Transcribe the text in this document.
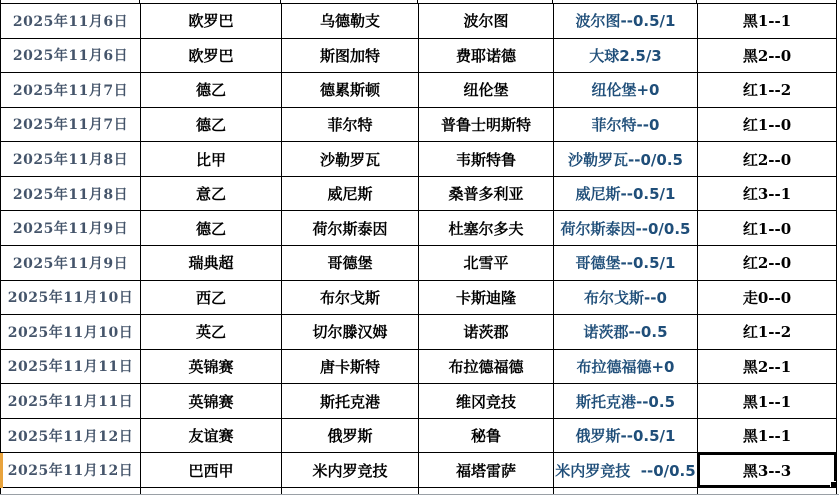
2025年11月6日	欧罗巴	乌德勒支	波尔图	波尔图--0.5/1	黑1--1
2025年11月6日	欧罗巴	斯图加特	费耶诺德	大球2.5/3	黑2--0
2025年11月7日	德乙	德累斯顿	纽伦堡	纽伦堡+0	红1--2
2025年11月7日	德乙	菲尔特	普鲁士明斯特	菲尔特--0	红1--0
2025年11月8日	比甲	沙勒罗瓦	韦斯特鲁	沙勒罗瓦--0/0.5	红2--0
2025年11月8日	意乙	威尼斯	桑普多利亚	威尼斯--0.5/1	红3--1
2025年11月9日	德乙	荷尔斯泰因	杜塞尔多夫	荷尔斯泰因--0/0.5	红1--0
2025年11月9日	瑞典超	哥德堡	北雪平	哥德堡--0.5/1	红2--0
2025年11月10日	西乙	布尔戈斯	卡斯迪隆	布尔戈斯--0	走0--0
2025年11月10日	英乙	切尔滕汉姆	诺茨郡	诺茨郡--0.5	红1--2
2025年11月11日	英锦赛	唐卡斯特	布拉德福德	布拉德福德+0	黑2--1
2025年11月11日	英锦赛	斯托克港	维冈竞技	斯托克港--0.5	黑1--1
2025年11月12日	友谊赛	俄罗斯	秘鲁	俄罗斯--0.5/1	黑1--1
2025年11月12日	巴西甲	米内罗竞技	福塔雷萨	米内罗竞技  --0/0.5	黑3--3
